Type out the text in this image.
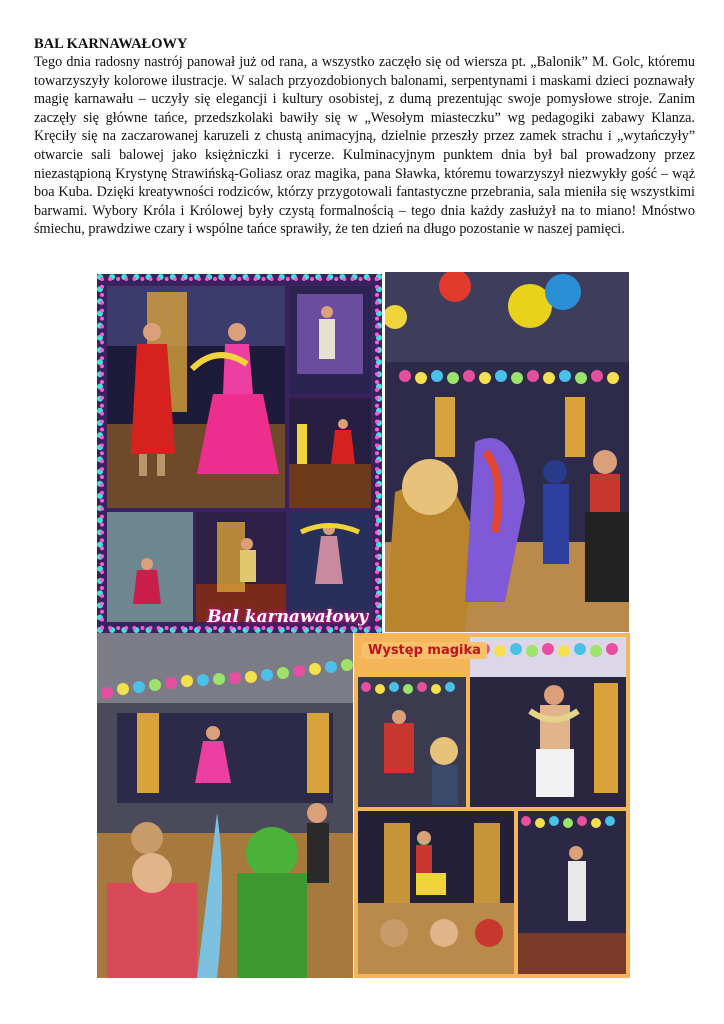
BAL KARNAWAŁOWY

Tego dnia radosny nastrój panował już od rana, a wszystko zaczęło się od wiersza pt. „Balonik” M. Golc, któremu towarzyszyły kolorowe ilustracje. W salach przyozdobionych balonami, serpentynami i maskami dzieci poznawały magię karnawału – uczyły się elegancji i kultury osobistej, z dumą prezentując swoje pomysłowe stroje. Zanim zaczęły się główne tańce, przedszkolaki bawiły się w „Wesołym miasteczku” wg pedagogiki zabawy Klanza. Kręciły się na zaczarowanej karuzeli z chustą animacyjną, dzielnie przeszły przez zamek strachu i „wytańczyły” otwarcie sali balowej jako księżniczki i rycerze. Kulminacyjnym punktem dnia był bal prowadzony przez niezastąpioną Krystynę Strawińską-Goliasz oraz magika, pana Sławka, któremu towarzyszył niezwykły gość – wąż boa Kuba. Dzięki kreatywności rodziców, którzy przygotowali fantastyczne przebrania, sala mieniła się wszystkimi barwami. Wybory Króla i Królowej były czystą formalnością – tego dnia każdy zasłużył na to miano! Mnóstwo śmiechu, prawdziwe czary i wspólne tańce sprawiły, że ten dzień na długo pozostanie w naszej pamięci.

Bal karnawałowy
Występ magika
